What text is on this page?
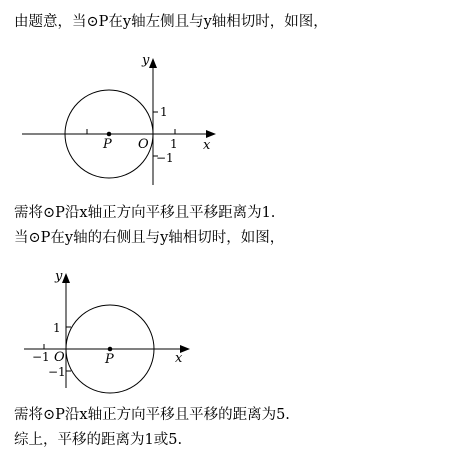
由题意，当⊙P在y轴左侧且与y轴相切时，如图，
y
x
O
P
1
1
−1
需将⊙P沿x轴正方向平移且平移距离为1.
当⊙P在y轴的右侧且与y轴相切时，如图，
y
x
O	P
1
−1
−1
需将⊙P沿x轴正方向平移且平移的距离为5.
综上，平移的距离为1或5.
